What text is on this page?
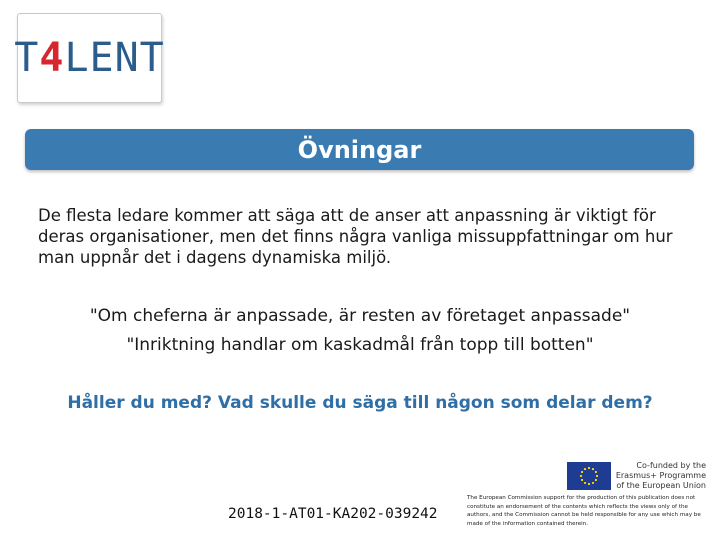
T4LENT
Övningar

De flesta ledare kommer att säga att de anser att anpassning är viktigt för deras organisationer, men det finns några vanliga missuppfattningar om hur man uppnår det i dagens dynamiska miljö.

"Om cheferna är anpassade, är resten av företaget anpassade"

"Inriktning handlar om kaskadmål från topp till botten"

Håller du med? Vad skulle du säga till någon som delar dem?

2018-1-AT01-KA202-039242
Co-funded by the
Erasmus+ Programme
of the European Union

The European Commission support for the production of this publication does not constitute an endorsement of the contents which reflects the views only of the authors, and the Commission cannot be held responsible for any use which may be made of the information contained therein.
